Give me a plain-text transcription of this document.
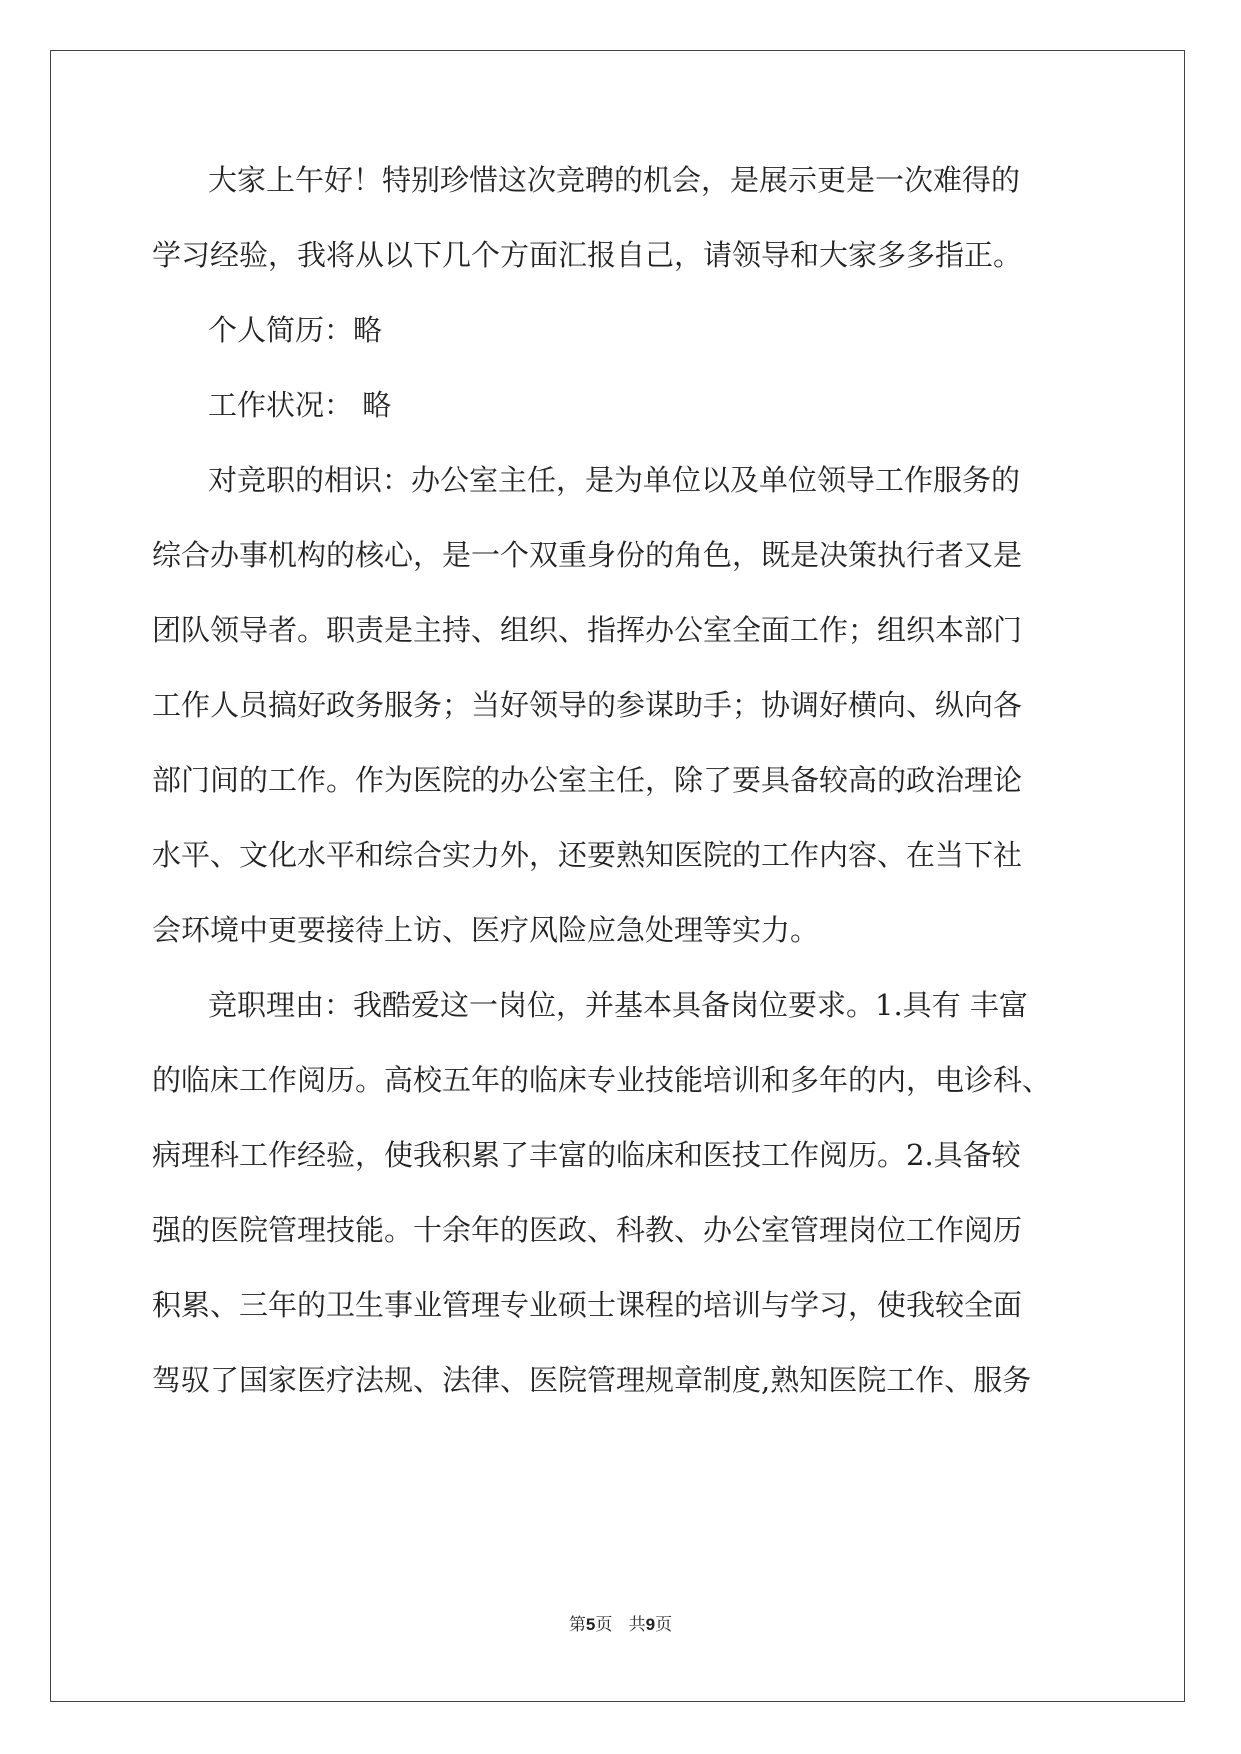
大家上午好！特别珍惜这次竞聘的机会，是展示更是一次难得的
学习经验，我将从以下几个方面汇报自己，请领导和大家多多指正。
个人简历：略
工作状况： 略
对竞职的相识：办公室主任，是为单位以及单位领导工作服务的
综合办事机构的核心，是一个双重身份的角色，既是决策执行者又是
团队领导者。职责是主持、组织、指挥办公室全面工作；组织本部门
工作人员搞好政务服务；当好领导的参谋助手；协调好横向、纵向各
部门间的工作。作为医院的办公室主任，除了要具备较高的政治理论
水平、文化水平和综合实力外，还要熟知医院的工作内容、在当下社
会环境中更要接待上访、医疗风险应急处理等实力。
竞职理由：我酷爱这一岗位，并基本具备岗位要求。1.具有 丰富
的临床工作阅历。高校五年的临床专业技能培训和多年的内，电诊科、
病理科工作经验，使我积累了丰富的临床和医技工作阅历。2.具备较
强的医院管理技能。十余年的医政、科教、办公室管理岗位工作阅历
积累、三年的卫生事业管理专业硕士课程的培训与学习，使我较全面
驾驭了国家医疗法规、法律、医院管理规章制度,熟知医院工作、服务
第5页   共9页
